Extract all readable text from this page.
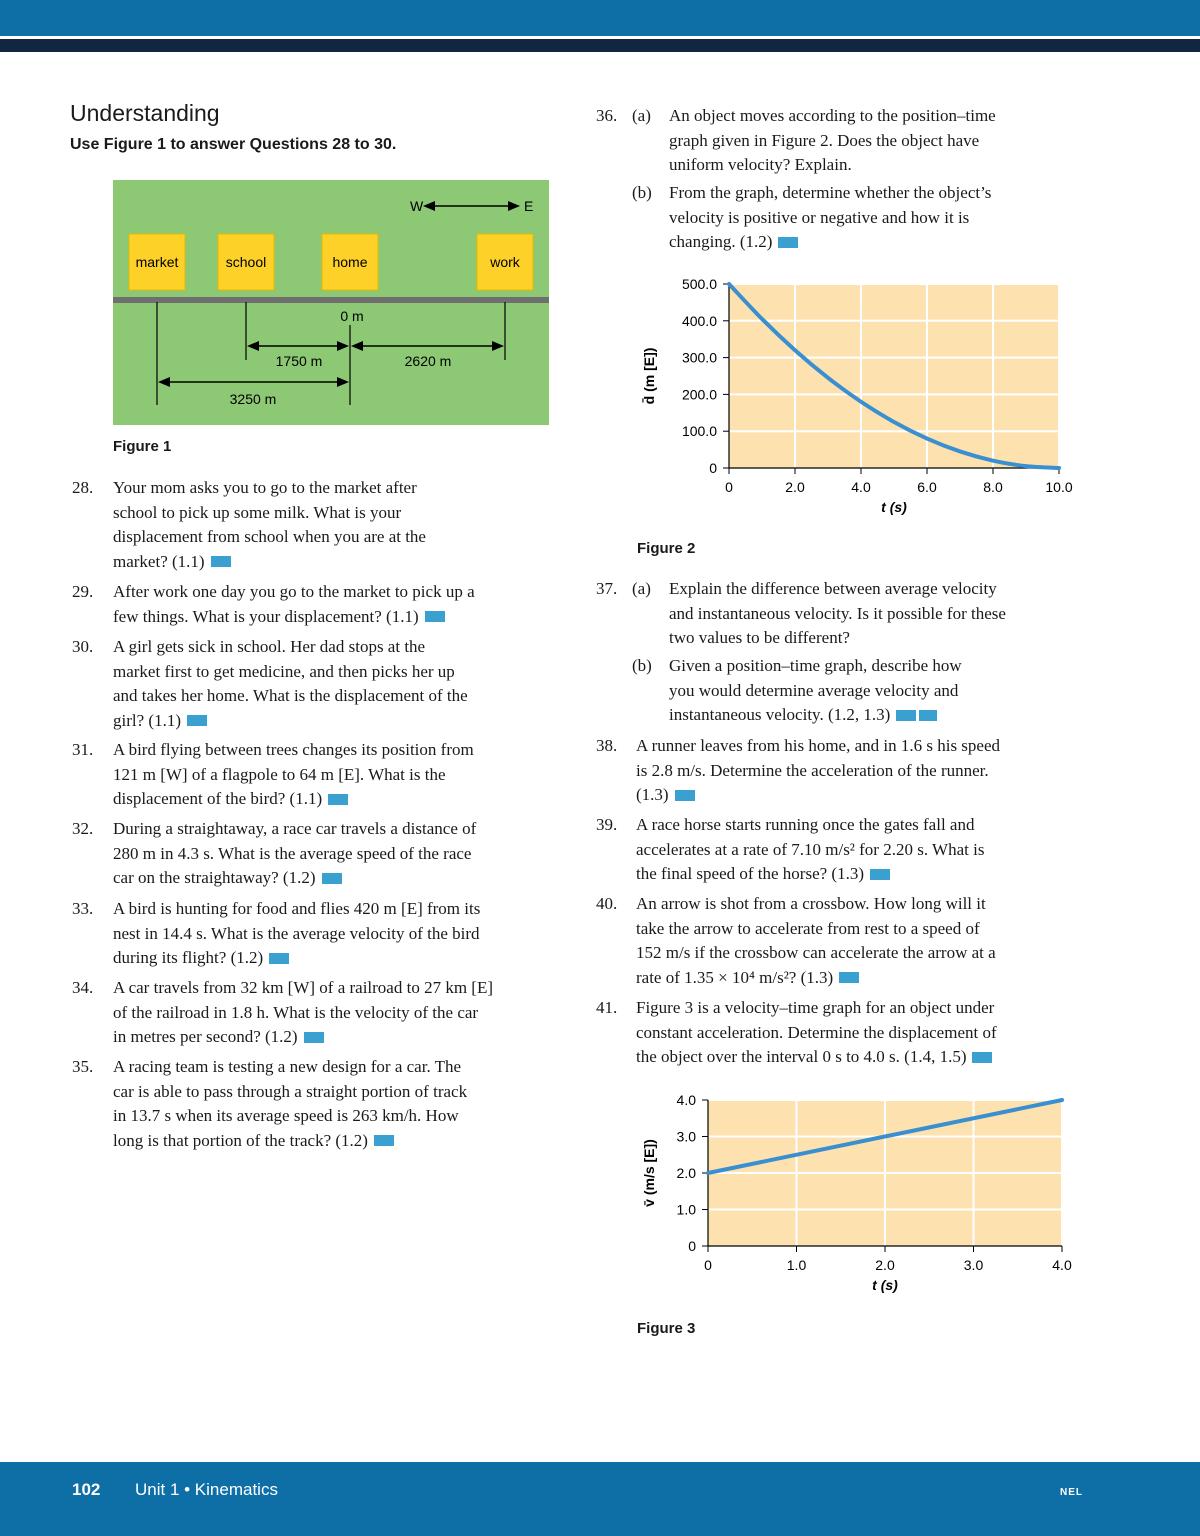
Understanding
Use Figure 1 to answer Questions 28 to 30.
W	E
market	school	home	work
0 m
1750 m	2620 m
3250 m
Figure 1
28. Your mom asks you to go to the market after
school to pick up some milk. What is your
displacement from school when you are at the
market? (1.1)
29. After work one day you go to the market to pick up a
few things. What is your displacement? (1.1)
30. A girl gets sick in school. Her dad stops at the
market first to get medicine, and then picks her up
and takes her home. What is the displacement of the
girl? (1.1)
31. A bird flying between trees changes its position from
121 m [W] of a flagpole to 64 m [E]. What is the
displacement of the bird? (1.1)
32. During a straightaway, a race car travels a distance of
280 m in 4.3 s. What is the average speed of the race
car on the straightaway? (1.2)
33. A bird is hunting for food and flies 420 m [E] from its
nest in 14.4 s. What is the average velocity of the bird
during its flight? (1.2)
34. A car travels from 32 km [W] of a railroad to 27 km [E]
of the railroad in 1.8 h. What is the velocity of the car
in metres per second? (1.2)
35. A racing team is testing a new design for a car. The
car is able to pass through a straight portion of track
in 13.7 s when its average speed is 263 km/h. How
long is that portion of the track? (1.2)
36. (a) An object moves according to the position–time
graph given in Figure 2. Does the object have
uniform velocity? Explain.
(b) From the graph, determine whether the object’s
velocity is positive or negative and how it is
changing. (1.2)
0	2.0	4.0	6.0	8.0	10.0
0
100.0
200.0
300.0
400.0
500.0
t (s)
d̄ (m [E])
Figure 2
37. (a) Explain the difference between average velocity
and instantaneous velocity. Is it possible for these
two values to be different?
(b) Given a position–time graph, describe how
you would determine average velocity and
instantaneous velocity. (1.2, 1.3)
38. A runner leaves from his home, and in 1.6 s his speed
is 2.8 m/s. Determine the acceleration of the runner.
(1.3)
39. A race horse starts running once the gates fall and
accelerates at a rate of 7.10 m/s² for 2.20 s. What is
the final speed of the horse? (1.3)
40. An arrow is shot from a crossbow. How long will it
take the arrow to accelerate from rest to a speed of
152 m/s if the crossbow can accelerate the arrow at a
rate of 1.35 × 10⁴ m/s²? (1.3)
41. Figure 3 is a velocity–time graph for an object under
constant acceleration. Determine the displacement of
the object over the interval 0 s to 4.0 s. (1.4, 1.5)
0	1.0	2.0	3.0	4.0
0
1.0
2.0
3.0
4.0
t (s)
v̄ (m/s [E])
Figure 3
102 Unit 1 • Kinematics	NEL
